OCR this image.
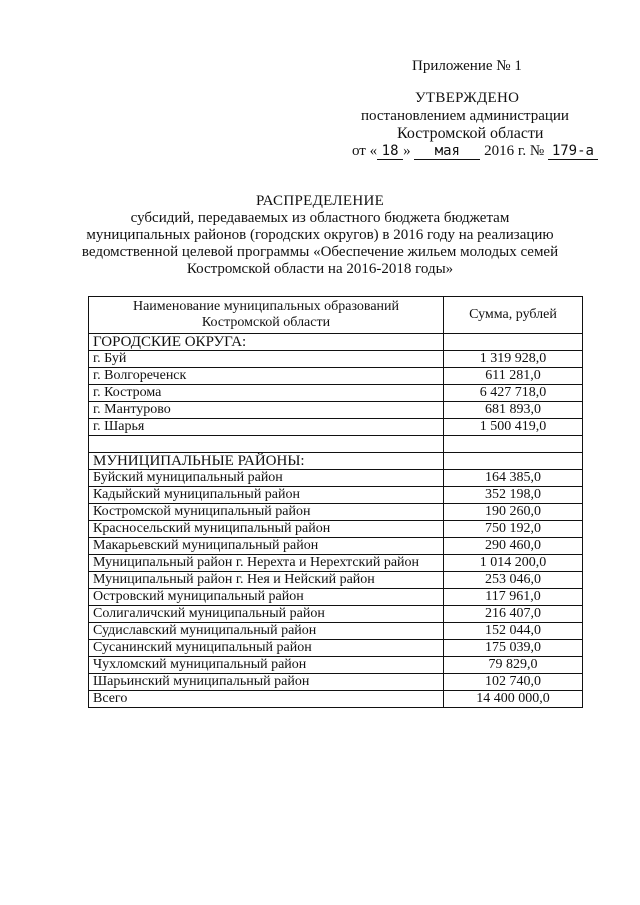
Приложение № 1
УТВЕРЖДЕНО
постановлением администрации
Костромской области
от « 18 » мая 2016 г. № 179-а
РАСПРЕДЕЛЕНИЕ
субсидий, передаваемых из областного бюджета бюджетам
муниципальных районов (городских округов) в 2016 году на реализацию
ведомственной целевой программы «Обеспечение жильем молодых семей
Костромской области на 2016-2018 годы»
Наименование муниципальных образований Костромской области	Сумма, рублей
ГОРОДСКИЕ ОКРУГА:	
г. Буй	1 319 928,0
г. Волгореченск	611 281,0
г. Кострома	6 427 718,0
г. Мантурово	681 893,0
г. Шарья	1 500 419,0

МУНИЦИПАЛЬНЫЕ РАЙОНЫ:	
Буйский муниципальный район	164 385,0
Кадыйский муниципальный район	352 198,0
Костромской муниципальный район	190 260,0
Красносельский муниципальный район	750 192,0
Макарьевский муниципальный район	290 460,0
Муниципальный район г. Нерехта и Нерехтский район	1 014 200,0
Муниципальный район г. Нея и Нейский район	253 046,0
Островский муниципальный район	117 961,0
Солигаличский муниципальный район	216 407,0
Судиславский муниципальный район	152 044,0
Сусанинский муниципальный район	175 039,0
Чухломский муниципальный район	79 829,0
Шарьинский муниципальный район	102 740,0
Всего	14 400 000,0
